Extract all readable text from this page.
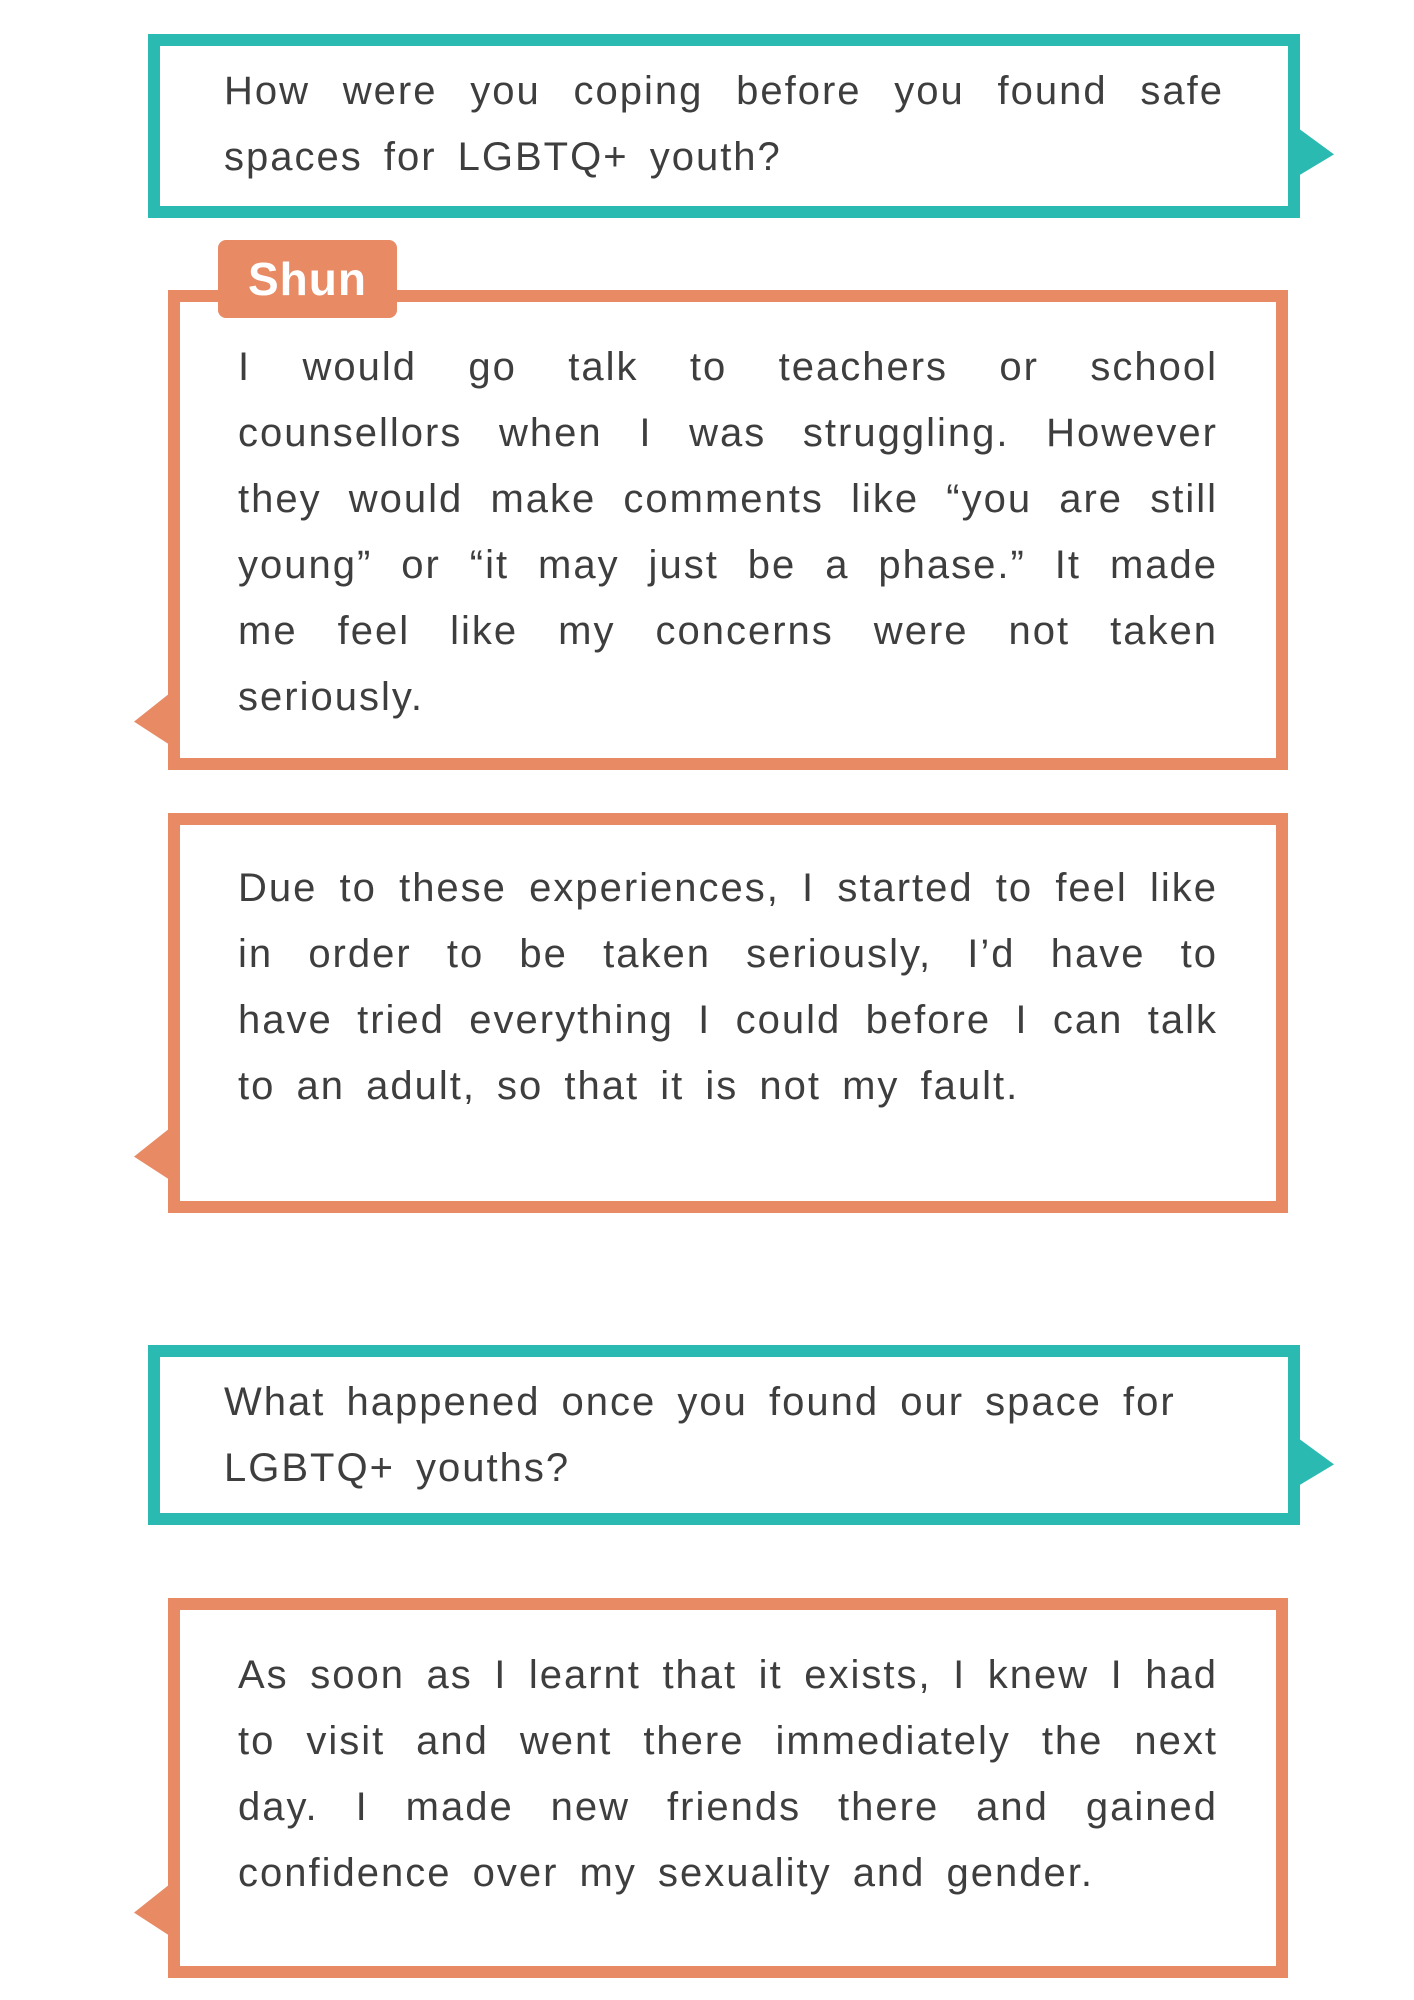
How were you coping before you found safe spaces for LGBTQ+ youth?
Shun
I would go talk to teachers or school counsellors when I was struggling. However they would make comments like “you are still young” or “it may just be a phase.” It made me feel like my concerns were not taken seriously.
Due to these experiences, I started to feel like in order to be taken seriously, I’d have to have tried everything I could before I can talk to an adult, so that it is not my fault.
What happened once you found our space for LGBTQ+ youths?
As soon as I learnt that it exists, I knew I had to visit and went there immediately the next day. I made new friends there and gained confidence over my sexuality and gender.
